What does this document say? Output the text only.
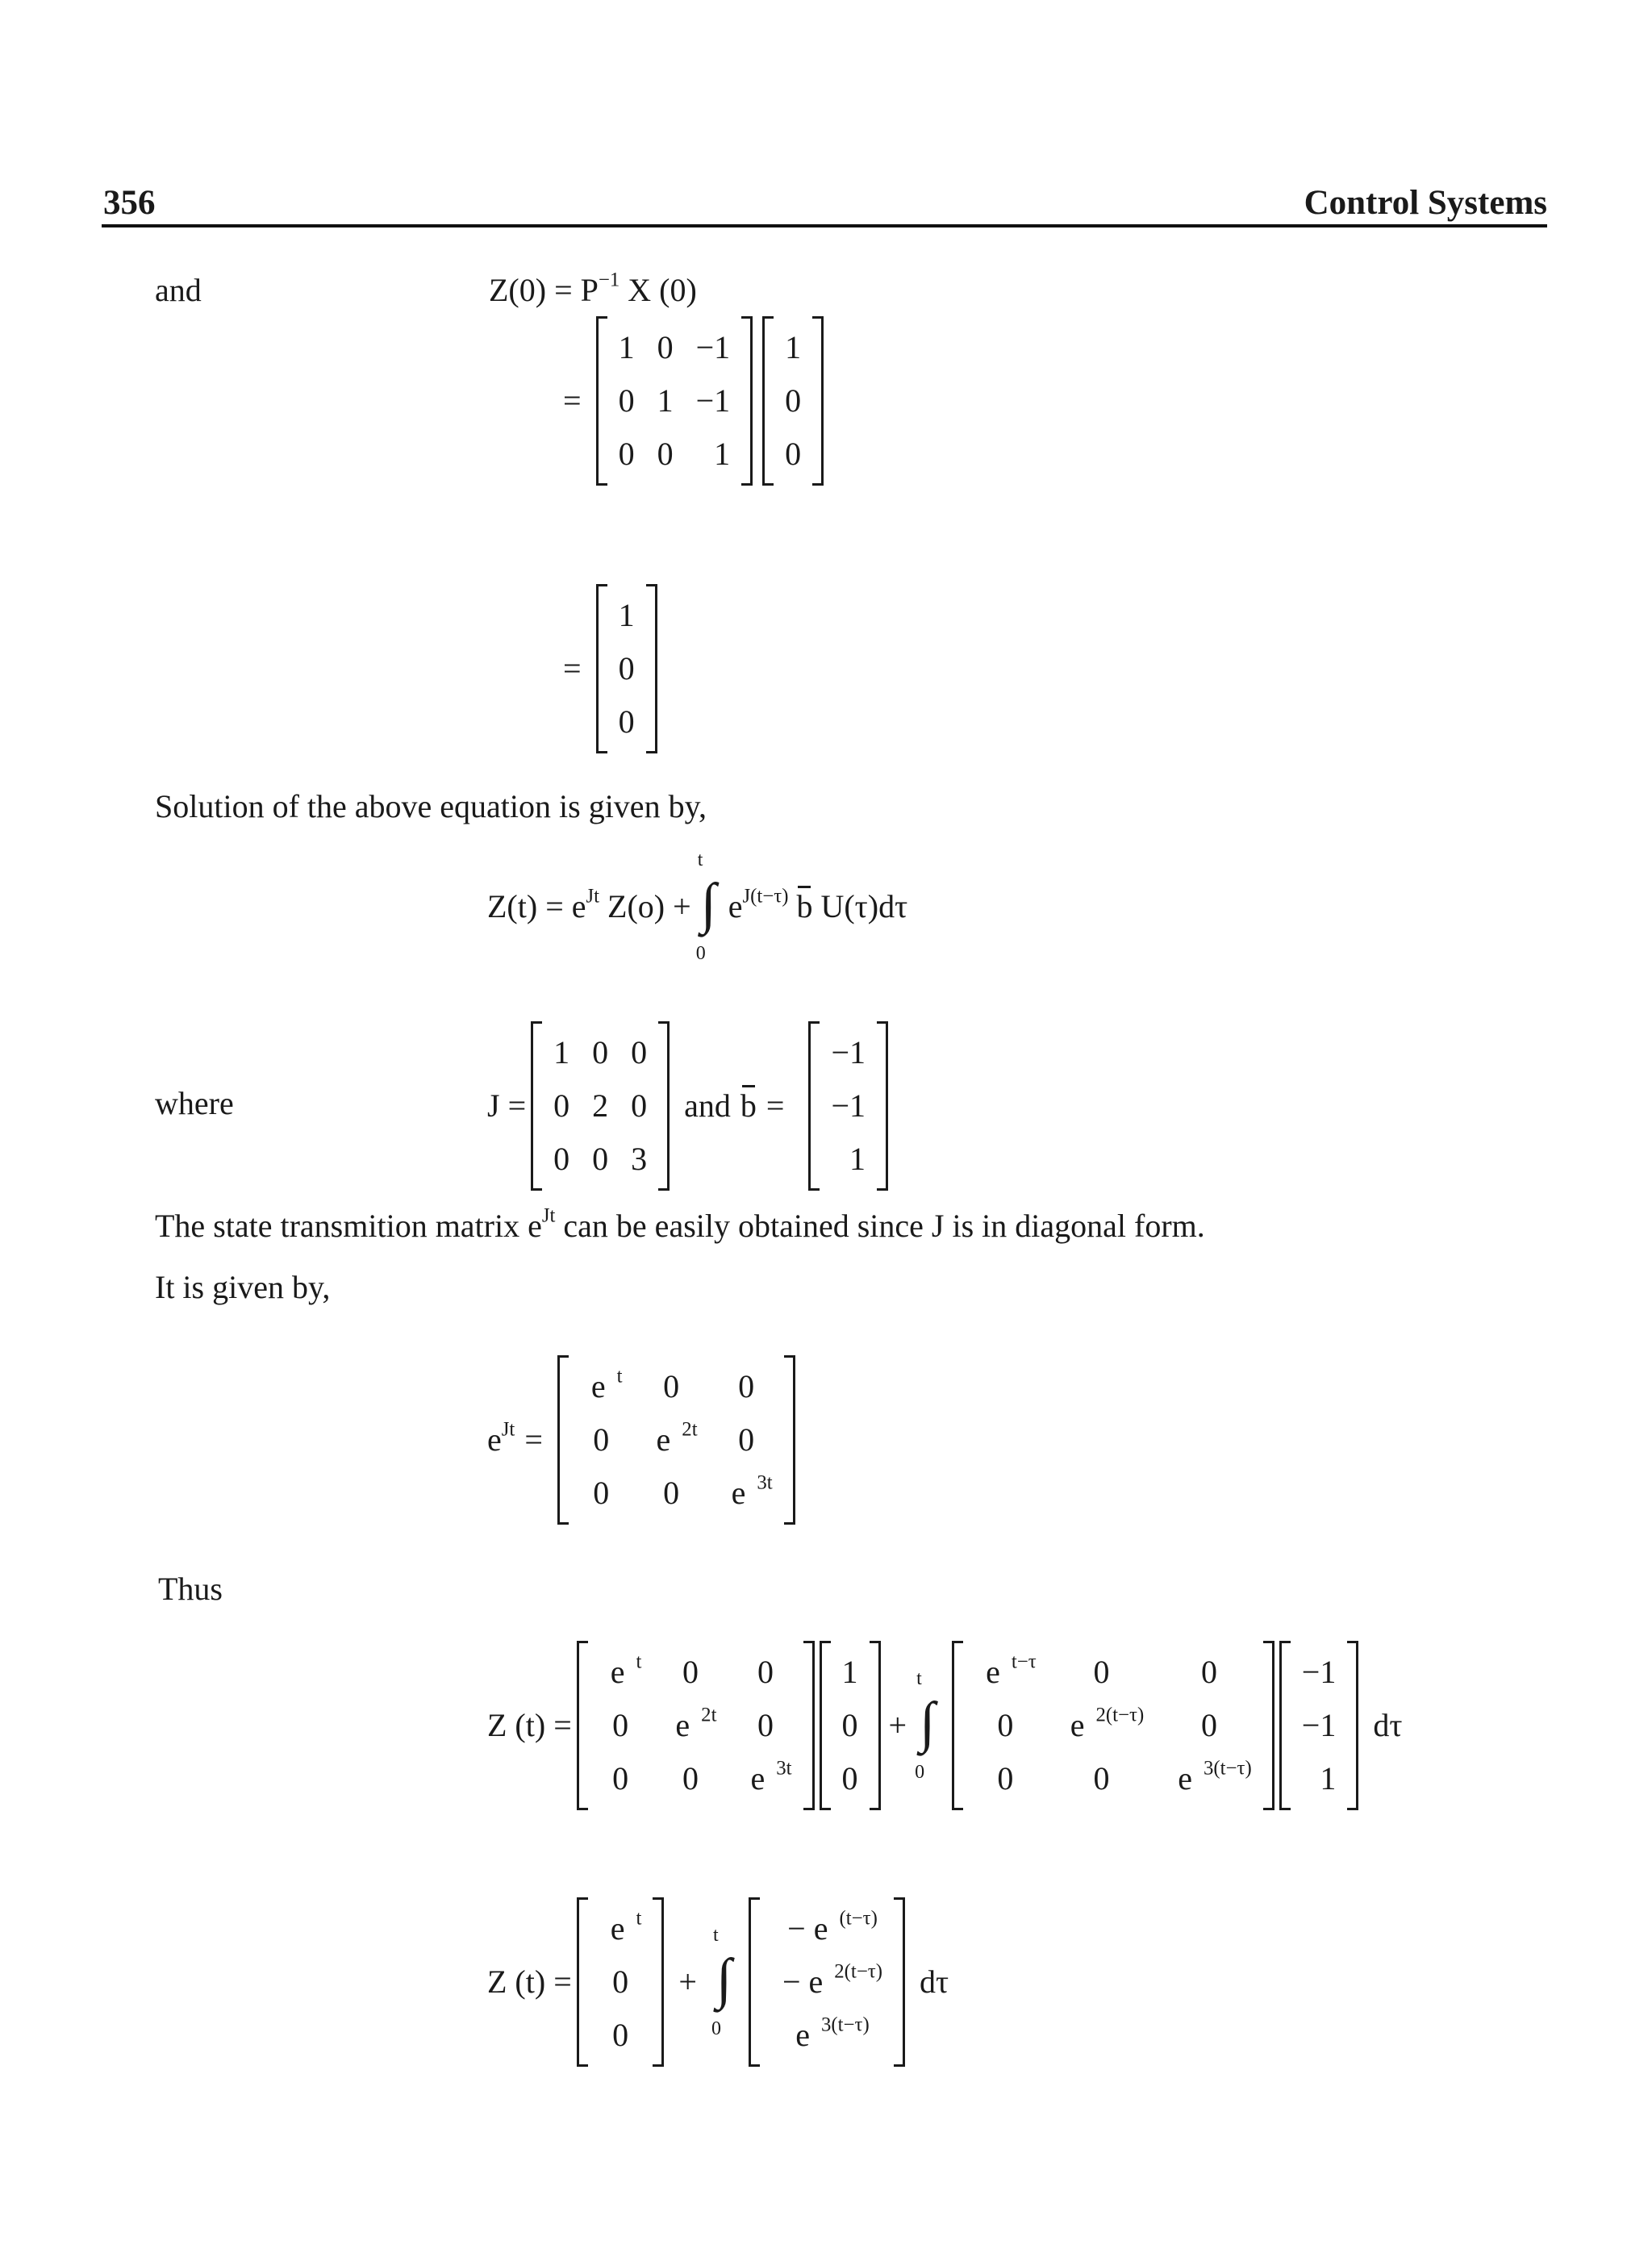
356	Control Systems
and	$Z(0) = P^{-1}$ X (0)
=
1 0 −1
0 1 −1
0 0	1
1
0
0
=
1
0
0
Solution of the above equation is given by,
$Z(t) = e^{Jt}$ Z(o) +
t
∫
0
$e^{J(t-\tau)}$ b U(τ)dτ
where	J =
1 0 0
0 2 0
0 0 3
and b =
−1
−1
1
The state transmition matrix $e^{Jt}$ can be easily obtained since J is in diagonal form.
It is given by,
$e^{Jt}$ =
e $^t$	0	0
0	e $^{2t}$	0
0	0	e $^{3t}$
Thus
Z (t) =
e $^t$	0	0
0	e $^{2t}$	0
0	0	e $^{3t}$
1
0
0
+
t
∫
0
e $^{t-\tau}$	0	0
0	e $^{2(t-\tau)}$	0
0	0	e $^{3(t-\tau)}$
−1
−1
1
dτ
Z (t) =
e $^t$
0
0
+
t
∫
0
− e $^{(t-\tau)}$
− e $^{2(t-\tau)}$
e $^{3(t-\tau)}$
dτ
